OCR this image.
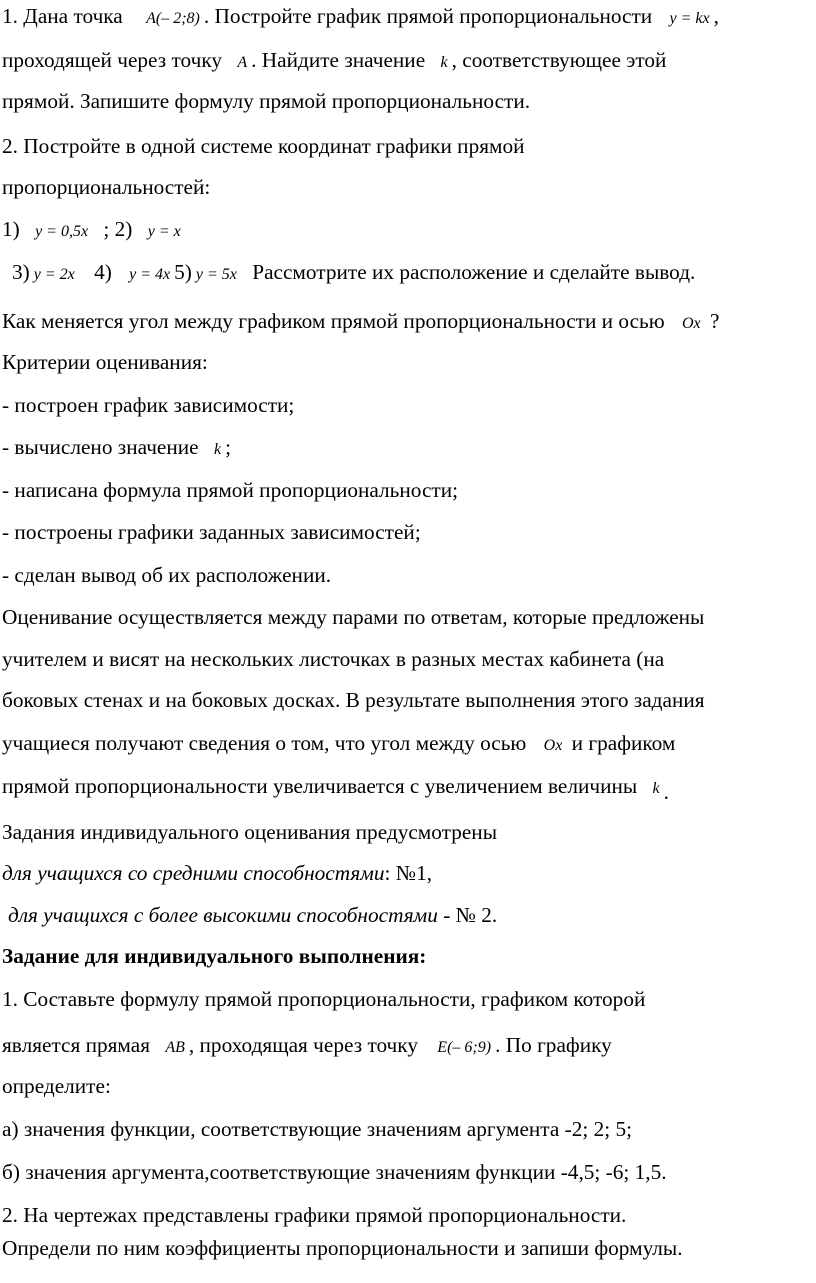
1. Дана точка A(– 2;8) . Постройте график прямой пропорциональности y = kx ,
проходящей через точку A . Найдите значение k , соответствующее этой
прямой. Запишите формулу прямой пропорциональности.
2. Постройте в одной системе координат графики прямой
пропорциональностей:
1) y = 0,5x ; 2) y = x
3) y = 2x 4) y = 4x 5) y = 5x Рассмотрите их расположение и сделайте вывод.
Как меняется угол между графиком прямой пропорциональности и осью Ox ?
Критерии оценивания:
- построен график зависимости;
- вычислено значение k ;
- написана формула прямой пропорциональности;
- построены графики заданных зависимостей;
- сделан вывод об их расположении.
Оценивание осуществляется между парами по ответам, которые предложены
учителем и висят на нескольких листочках в разных местах кабинета (на
боковых стенах и на боковых досках. В результате выполнения этого задания
учащиеся получают сведения о том, что угол между осью Ox и графиком
прямой пропорциональности увеличивается с увеличением величины k .
Задания индивидуального оценивания предусмотрены
для учащихся со средними способностями: №1,
для учащихся с более высокими способностями - № 2.
Задание для индивидуального выполнения:
1. Составьте формулу прямой пропорциональности, графиком которой
является прямая AB , проходящая через точку E(– 6;9) . По графику
определите:
а) значения функции, соответствующие значениям аргумента -2; 2; 5;
б) значения аргумента,соответствующие значениям функции -4,5; -6; 1,5.
2. На чертежах представлены графики прямой пропорциональности.
Определи по ним коэффициенты пропорциональности и запиши формулы.
